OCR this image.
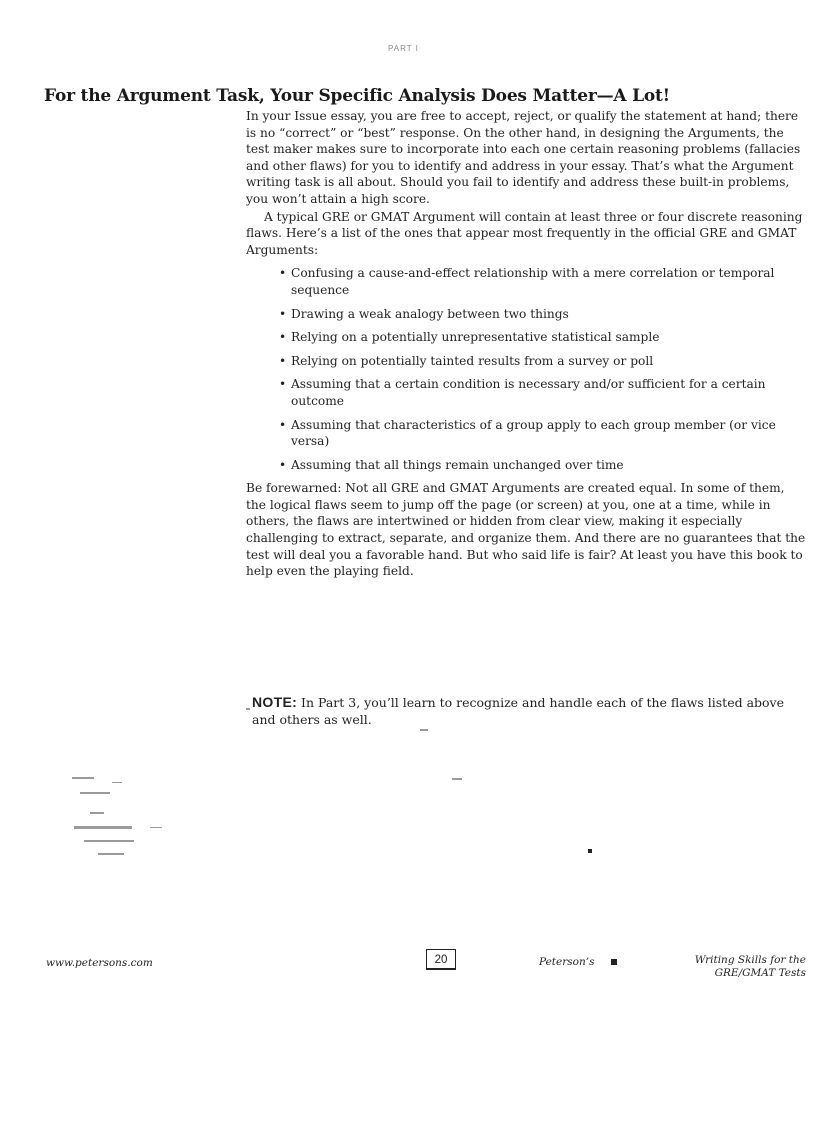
PART I
For the Argument Task, Your Specific Analysis Does Matter—A Lot!

In your Issue essay, you are free to accept, reject, or qualify the statement at hand; there is no “correct” or “best” response. On the other hand, in designing the Arguments, the test maker makes sure to incorporate into each one certain reasoning problems (fallacies and other flaws) for you to identify and address in your essay. That’s what the Argument writing task is all about. Should you fail to identify and address these built-in problems, you won’t attain a high score.

A typical GRE or GMAT Argument will contain at least three or four discrete reasoning flaws. Here’s a list of the ones that appear most frequently in the official GRE and GMAT Arguments:

• Confusing a cause-and-effect relationship with a mere correlation or temporal sequence
• Drawing a weak analogy between two things
• Relying on a potentially unrepresentative statistical sample
• Relying on potentially tainted results from a survey or poll
• Assuming that a certain condition is necessary and/or sufficient for a certain outcome
• Assuming that characteristics of a group apply to each group member (or vice versa)
• Assuming that all things remain unchanged over time

Be forewarned: Not all GRE and GMAT Arguments are created equal. In some of them, the logical flaws seem to jump off the page (or screen) at you, one at a time, while in others, the flaws are intertwined or hidden from clear view, making it especially challenging to extract, separate, and organize them. And there are no guarantees that the test will deal you a favorable hand. But who said life is fair? At least you have this book to help even the playing field.

NOTE: In Part 3, you’ll learn to recognize and handle each of the flaws listed above and others as well.
www.petersons.com	20	Peterson’s	Writing Skills for the
GRE/GMAT Tests
